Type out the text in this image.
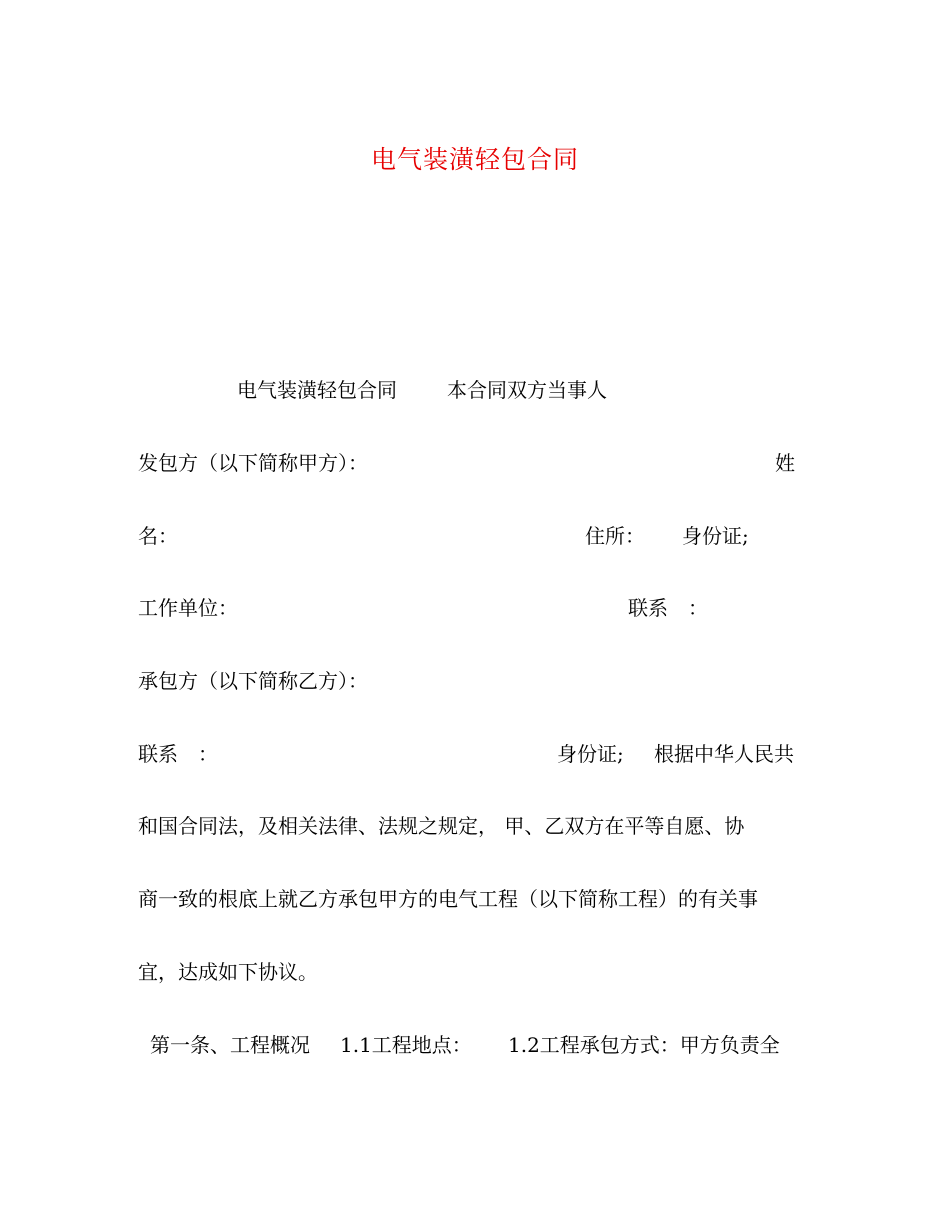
电气装潢轻包合同
电气装潢轻包合同	本合同双方当事人
发包方（以下简称甲方）：	姓
名：	住所： 身份证;
工作单位：	联系　：
承包方（以下简称乙方）：
联系　：	身份证; 根据中华人民共
和国合同法，及相关法律、法规之规定， 甲、乙双方在平等自愿、协
商一致的根底上就乙方承包甲方的电气工程（以下简称工程）的有关事
宜，达成如下协议。
第一条、工程概况 1.1工程地点： 1.2工程承包方式：甲方负责全
